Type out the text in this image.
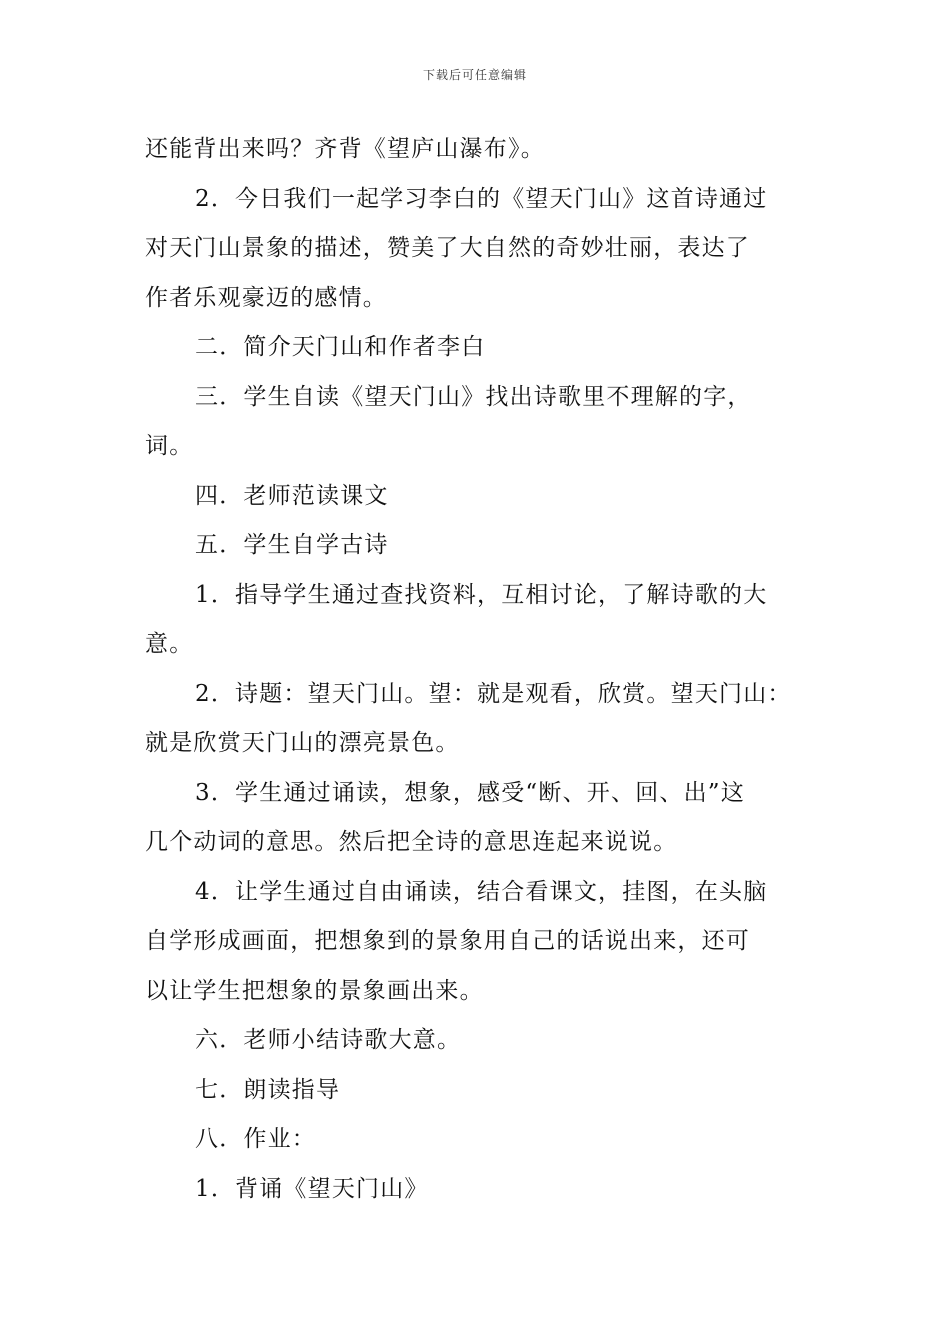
下载后可任意编辑
还能背出来吗？齐背《望庐山瀑布》。
2．今日我们一起学习李白的《望天门山》这首诗通过
对天门山景象的描述，赞美了大自然的奇妙壮丽，表达了
作者乐观豪迈的感情。
二．简介天门山和作者李白
三．学生自读《望天门山》找出诗歌里不理解的字，
词。
四．老师范读课文
五．学生自学古诗
1．指导学生通过查找资料，互相讨论，了解诗歌的大
意。
2．诗题：望天门山。望：就是观看，欣赏。望天门山：
就是欣赏天门山的漂亮景色。
3．学生通过诵读，想象，感受“断、开、回、出”这
几个动词的意思。然后把全诗的意思连起来说说。
4．让学生通过自由诵读，结合看课文，挂图，在头脑
自学形成画面，把想象到的景象用自己的话说出来，还可
以让学生把想象的景象画出来。
六．老师小结诗歌大意。
七．朗读指导
八．作业：
1．背诵《望天门山》
